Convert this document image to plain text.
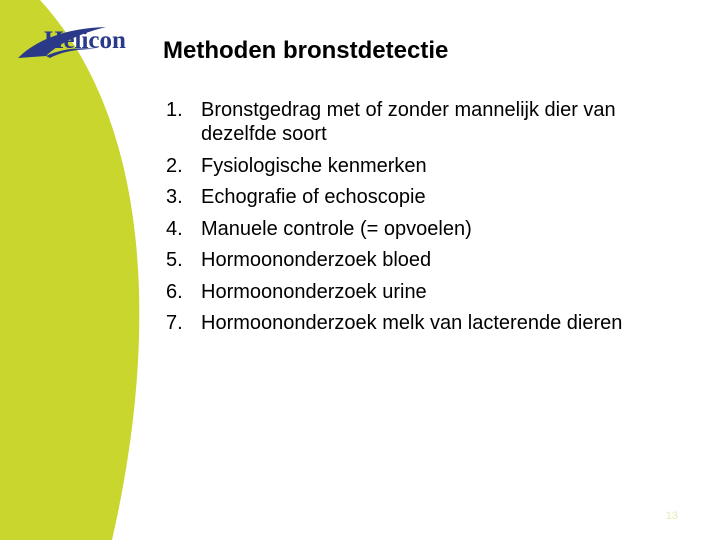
Helicon Methoden bronstdetectie
1. Bronstgedrag met of zonder mannelijk dier van dezelfde soort
2. Fysiologische kenmerken
3. Echografie of echoscopie
4. Manuele controle (= opvoelen)
5. Hormoononderzoek bloed
6. Hormoononderzoek urine
7. Hormoononderzoek melk van lacterende dieren
13
